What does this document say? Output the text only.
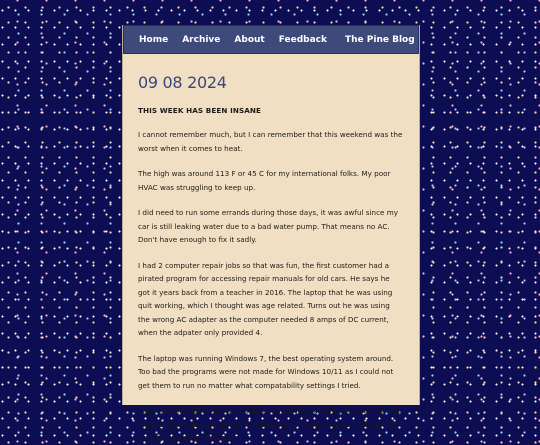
Home Archive About Feedback The Pine Blog
09 08 2024
THIS WEEK HAS BEEN INSANE

I cannot remember much, but I can remember that this weekend was the worst when it comes to heat.

The high was around 113 F or 45 C for my international folks. My poor HVAC was struggling to keep up.

I did need to run some errands during those days, it was awful since my car is still leaking water due to a bad water pump. That means no AC. Don't have enough to fix it sadly.

I had 2 computer repair jobs so that was fun, the first customer had a pirated program for accessing repair manuals for old cars. He says he got it years back from a teacher in 2016. The laptop that he was using quit working, which I thought was age related. Turns out he was using the wrong AC adapter as the computer needed 8 amps of DC current, when the adpater only provided 4.

The laptop was running Windows 7, the best operating system around. Too bad the programs were not made for Windows 10/11 as I could not get them to run no matter what compatability settings I tried.

I took out the SSD that was inside it, and it was made by Hyundai. Didn't know they made hard drives. The SSD was still working, so I was able to copy the program files over.
